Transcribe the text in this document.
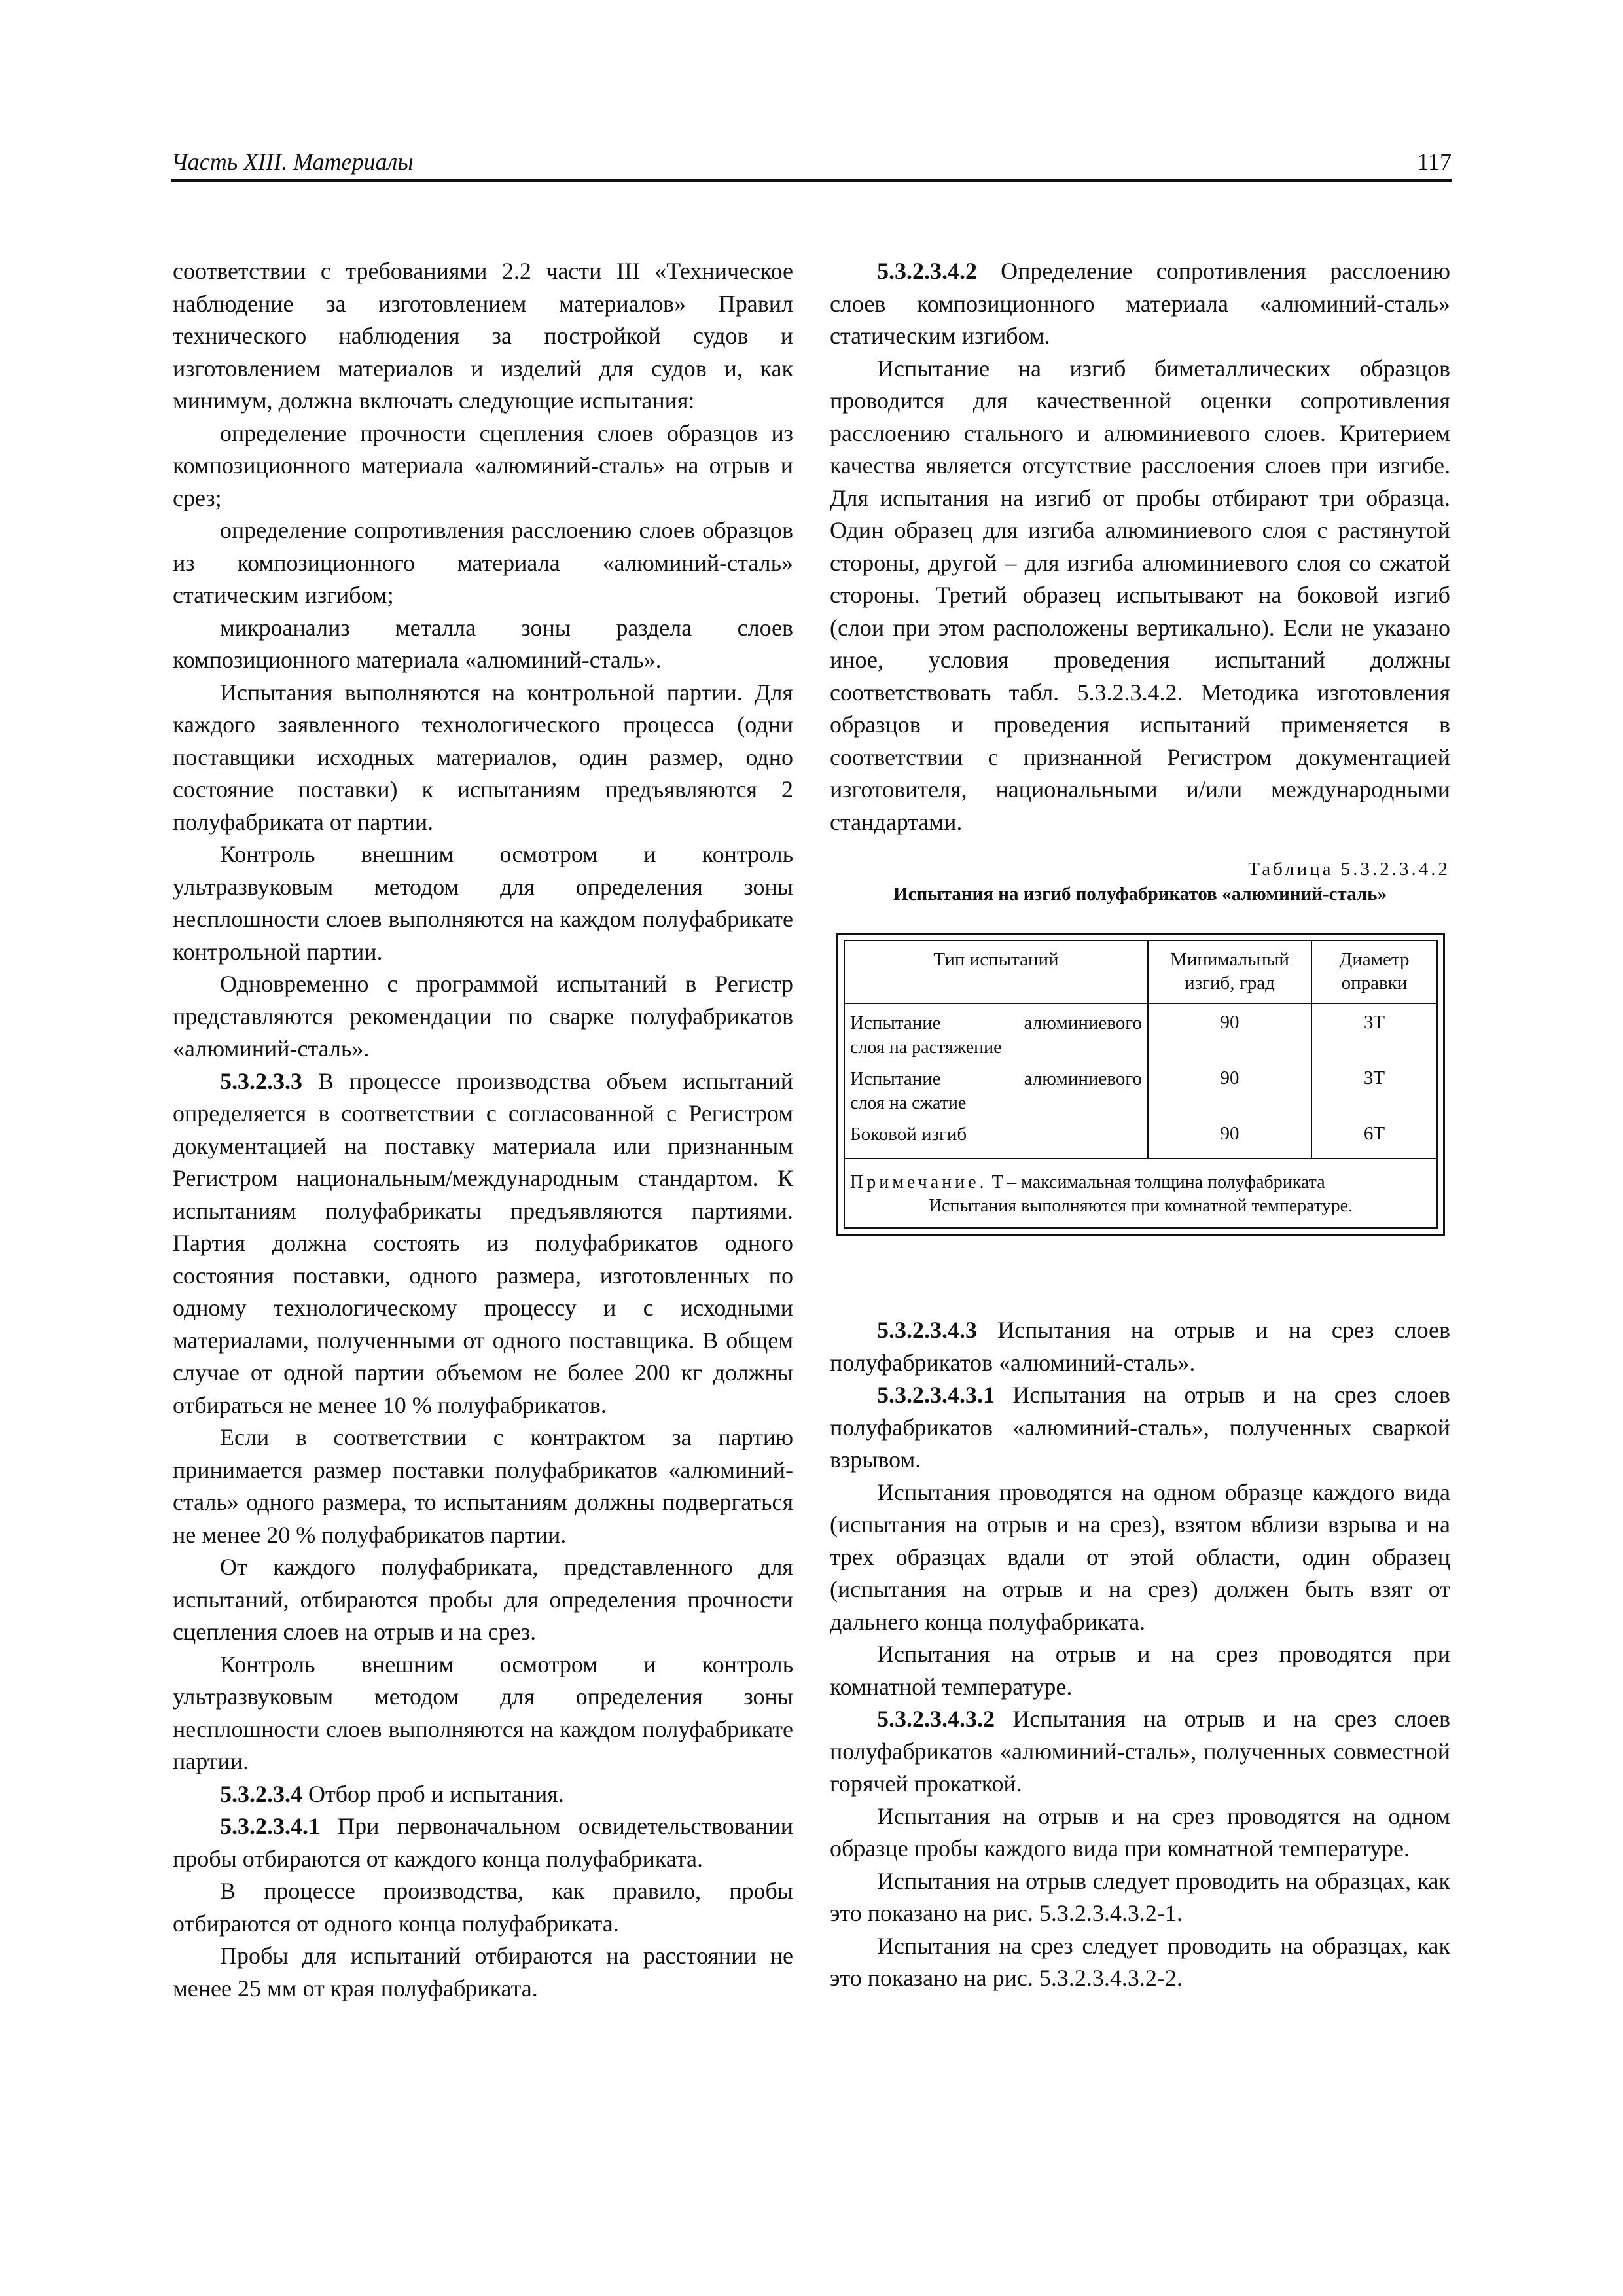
Часть XIII. Материалы	117

соответствии с требованиями 2.2 части III «Техническое наблюдение за изготовлением материалов» Правил технического наблюдения за постройкой судов и изготовлением материалов и изделий для судов и, как минимум, должна включать следующие испытания:

определение прочности сцепления слоев образцов из композиционного материала «алюминий-сталь» на отрыв и срез;

определение сопротивления расслоению слоев образцов из композиционного материала «алюминий-сталь» статическим изгибом;

микроанализ металла зоны раздела слоев композиционного материала «алюминий-сталь».

Испытания выполняются на контрольной партии. Для каждого заявленного технологического процесса (одни поставщики исходных материалов, один размер, одно состояние поставки) к испытаниям предъявляются 2 полуфабриката от партии.

Контроль внешним осмотром и контроль ультразвуковым методом для определения зоны несплошности слоев выполняются на каждом полуфабрикате контрольной партии.

Одновременно с программой испытаний в Регистр представляются рекомендации по сварке полуфабрикатов «алюминий-сталь».

5.3.2.3.3 В процессе производства объем испытаний определяется в соответствии с согласованной с Регистром документацией на поставку материала или признанным Регистром национальным/международным стандартом. К испытаниям полуфабрикаты предъявляются партиями. Партия должна состоять из полуфабрикатов одного состояния поставки, одного размера, изготовленных по одному технологическому процессу и с исходными материалами, полученными от одного поставщика. В общем случае от одной партии объемом не более 200 кг должны отбираться не менее 10 % полуфабрикатов.

Если в соответствии с контрактом за партию принимается размер поставки полуфабрикатов «алюминий-сталь» одного размера, то испытаниям должны подвергаться не менее 20 % полуфабрикатов партии.

От каждого полуфабриката, представленного для испытаний, отбираются пробы для определения прочности сцепления слоев на отрыв и на срез.

Контроль внешним осмотром и контроль ультразвуковым методом для определения зоны несплошности слоев выполняются на каждом полуфабрикате партии.

5.3.2.3.4 Отбор проб и испытания.

5.3.2.3.4.1 При первоначальном освидетельствовании пробы отбираются от каждого конца полуфабриката.

В процессе производства, как правило, пробы отбираются от одного конца полуфабриката.

Пробы для испытаний отбираются на расстоянии не менее 25 мм от края полуфабриката.

5.3.2.3.4.2 Определение сопротивления расслоению слоев композиционного материала «алюминий-сталь» статическим изгибом.

Испытание на изгиб биметаллических образцов проводится для качественной оценки сопротивления расслоению стального и алюминиевого слоев. Критерием качества является отсутствие расслоения слоев при изгибе. Для испытания на изгиб от пробы отбирают три образца. Один образец для изгиба алюминиевого слоя с растянутой стороны, другой – для изгиба алюминиевого слоя со сжатой стороны. Третий образец испытывают на боковой изгиб (слои при этом расположены вертикально). Если не указано иное, условия проведения испытаний должны соответствовать табл. 5.3.2.3.4.2. Методика изготовления образцов и проведения испытаний применяется в соответствии с признанной Регистром документацией изготовителя, национальными и/или международными стандартами.

Таблица 5.3.2.3.4.2
Испытания на изгиб полуфабрикатов «алюминий-сталь»
Тип испытаний	Минимальный изгиб, град	Диаметр оправки

Испытание алюминиевого
слоя на растяжение	90	3T

Испытание алюминиевого
слоя на сжатие	90	3T
Боковой изгиб	90	6T
Примечание. T – максимальная толщина полуфабриката
Испытания выполняются при комнатной температуре.		

5.3.2.3.4.3 Испытания на отрыв и на срез слоев полуфабрикатов «алюминий-сталь».

5.3.2.3.4.3.1 Испытания на отрыв и на срез слоев полуфабрикатов «алюминий-сталь», полученных сваркой взрывом.

Испытания проводятся на одном образце каждого вида (испытания на отрыв и на срез), взятом вблизи взрыва и на трех образцах вдали от этой области, один образец (испытания на отрыв и на срез) должен быть взят от дальнего конца полуфабриката.

Испытания на отрыв и на срез проводятся при комнатной температуре.

5.3.2.3.4.3.2 Испытания на отрыв и на срез слоев полуфабрикатов «алюминий-сталь», полученных совместной горячей прокаткой.

Испытания на отрыв и на срез проводятся на одном образце пробы каждого вида при комнатной температуре.

Испытания на отрыв следует проводить на образцах, как это показано на рис. 5.3.2.3.4.3.2-1.

Испытания на срез следует проводить на образцах, как это показано на рис. 5.3.2.3.4.3.2-2.
